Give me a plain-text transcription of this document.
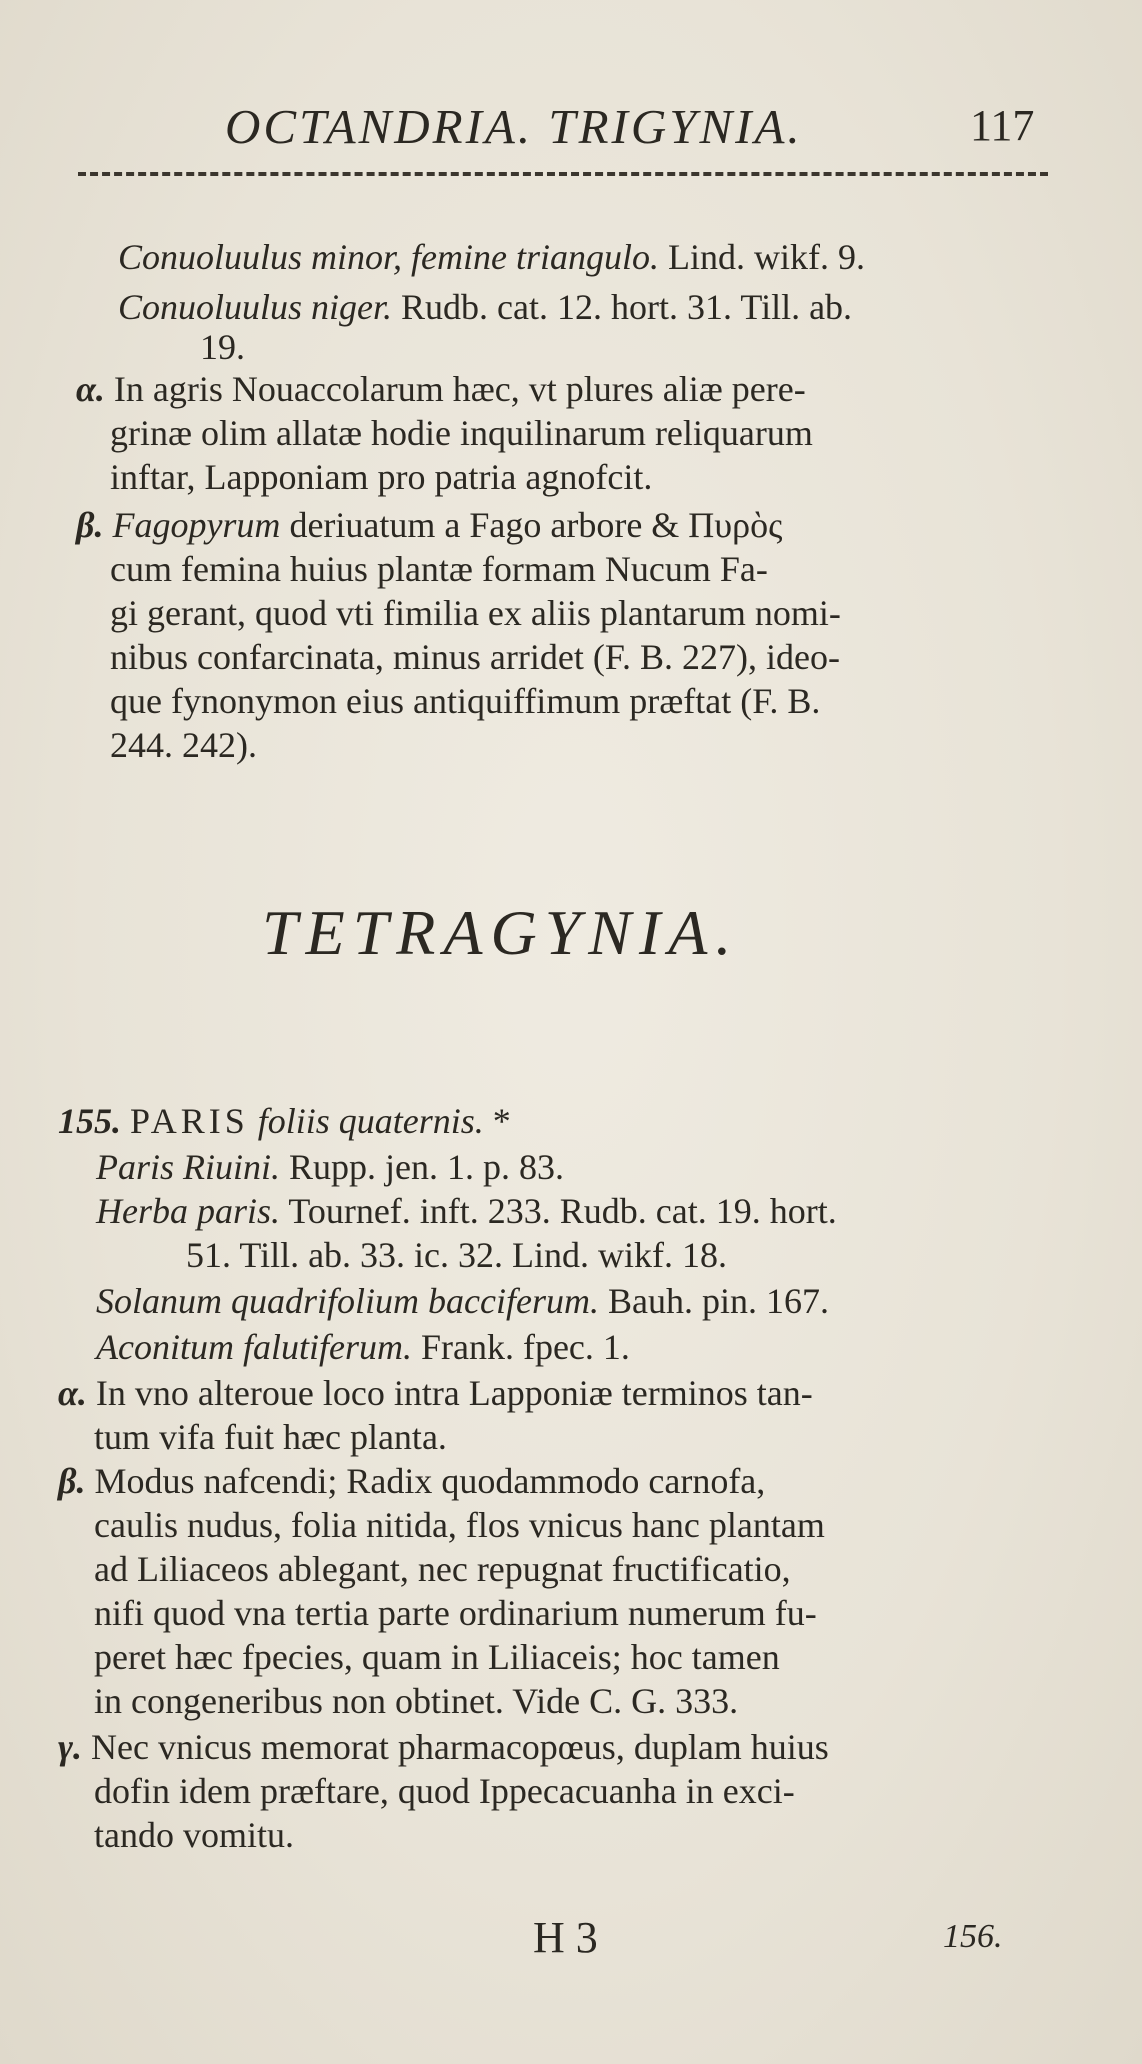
OCTANDRIA. TRIGYNIA.	117
Conuoluulus minor, femine triangulo. Lind. wikf. 9.
Conuoluulus niger. Rudb. cat. 12. hort. 31. Till. ab.
19.
α. In agris Nouaccolarum hæc, vt plures aliæ pere-
grinæ olim allatæ hodie inquilinarum reliquarum
inftar, Lapponiam pro patria agnofcit.
β. Fagopyrum deriuatum a Fago arbore & Πυρὸς
cum femina huius plantæ formam Nucum Fa-
gi gerant, quod vti fimilia ex aliis plantarum nomi-
nibus confarcinata, minus arridet (F. B. 227), ideo-
que fynonymon eius antiquiffimum præftat (F. B.
244. 242).
TETRAGYNIA.
155. PARIS foliis quaternis. *
Paris Riuini. Rupp. jen. 1. p. 83.
Herba paris. Tournef. inft. 233. Rudb. cat. 19. hort.
51. Till. ab. 33. ic. 32. Lind. wikf. 18.
Solanum quadrifolium bacciferum. Bauh. pin. 167.
Aconitum falutiferum. Frank. fpec. 1.
α. In vno alteroue loco intra Lapponiæ terminos tan-
tum vifa fuit hæc planta.
β. Modus nafcendi; Radix quodammodo carnofa,
caulis nudus, folia nitida, flos vnicus hanc plantam
ad Liliaceos ablegant, nec repugnat fructificatio,
nifi quod vna tertia parte ordinarium numerum fu-
peret hæc fpecies, quam in Liliaceis; hoc tamen
in congeneribus non obtinet. Vide C. G. 333.
γ. Nec vnicus memorat pharmacopœus, duplam huius
dofin idem præftare, quod Ippecacuanha in exci-
tando vomitu.
H 3	156.
